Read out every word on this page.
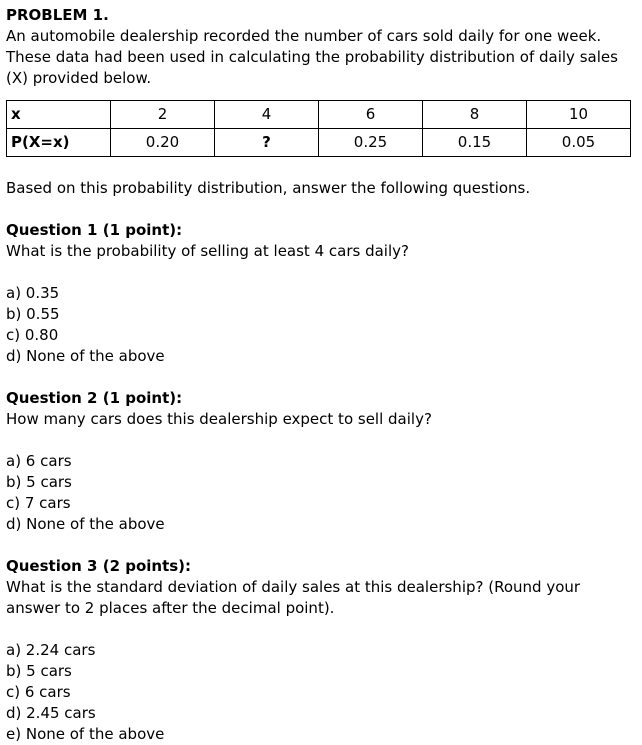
PROBLEM 1.

An automobile dealership recorded the number of cars sold daily for one week. These data had been used in calculating the probability distribution of daily sales (X) provided below.

x	2	4	6	8	10
P(X=x)	0.20	?	0.25	0.15	0.05
Based on this probability distribution, answer the following questions.
Question 1 (1 point):
What is the probability of selling at least 4 cars daily?
a) 0.35
b) 0.55
c) 0.80
d) None of the above
Question 2 (1 point):
How many cars does this dealership expect to sell daily?
a) 6 cars
b) 5 cars
c) 7 cars
d) None of the above
Question 3 (2 points):
What is the standard deviation of daily sales at this dealership? (Round your answer to 2 places after the decimal point).
a) 2.24 cars
b) 5 cars
c) 6 cars
d) 2.45 cars
e) None of the above
